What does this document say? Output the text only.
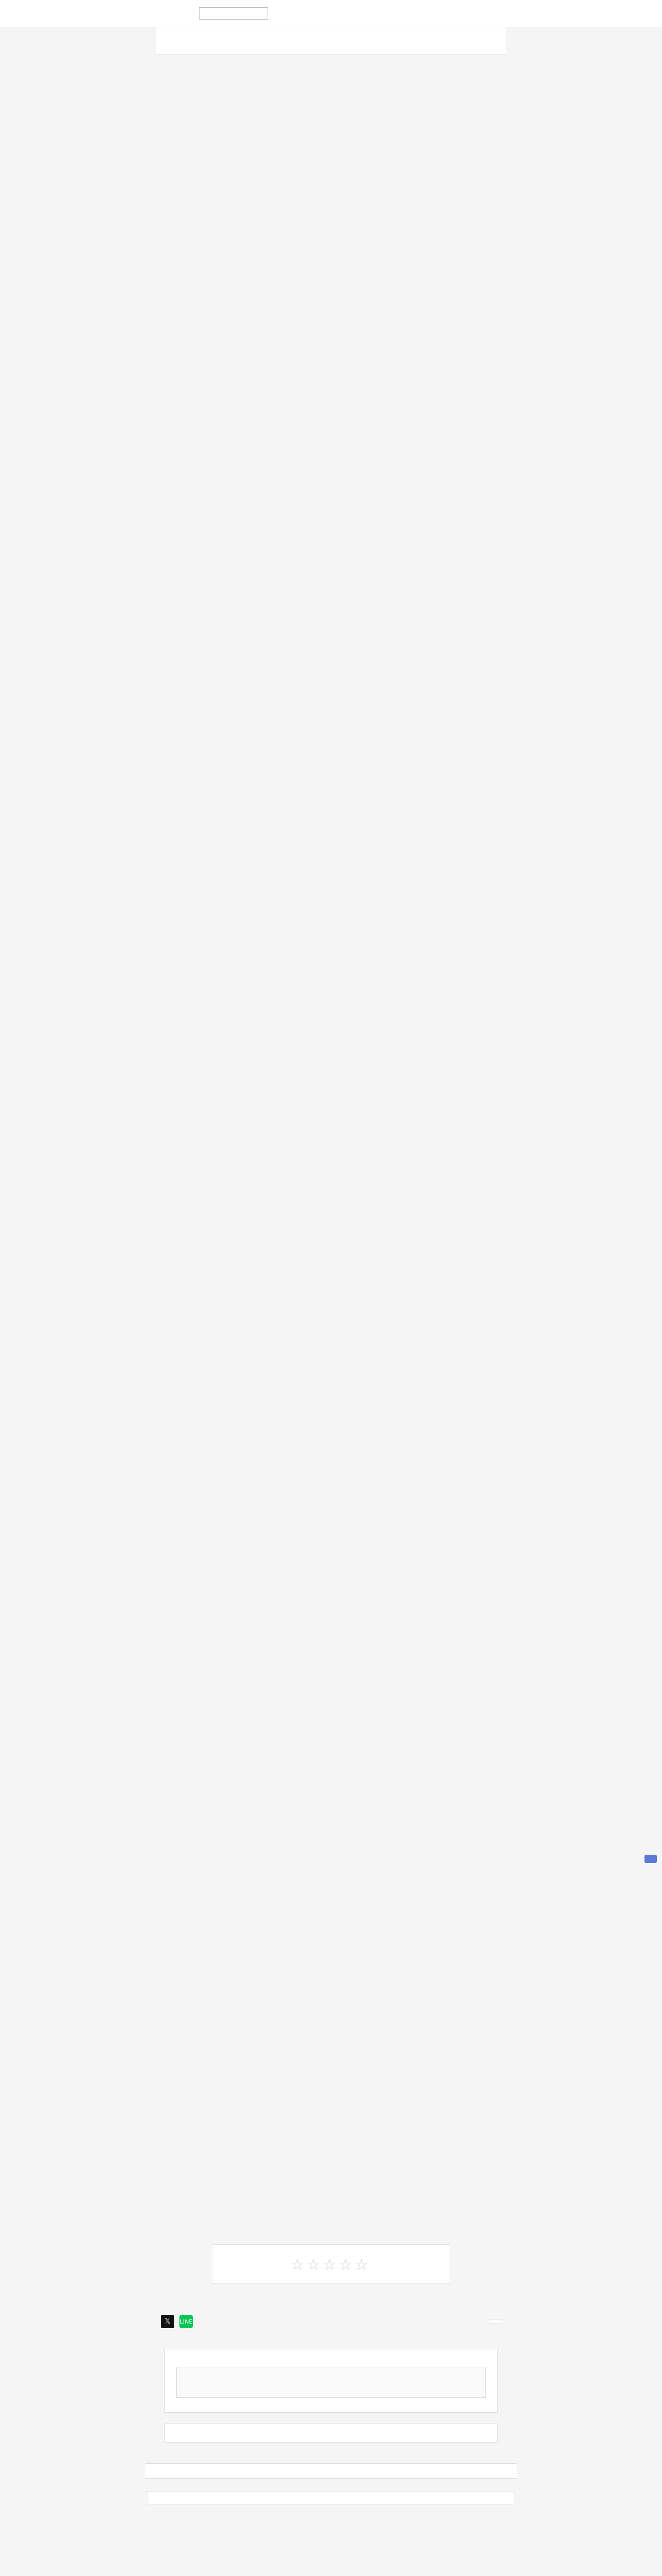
☆☆☆☆☆
𝕏	LINE
